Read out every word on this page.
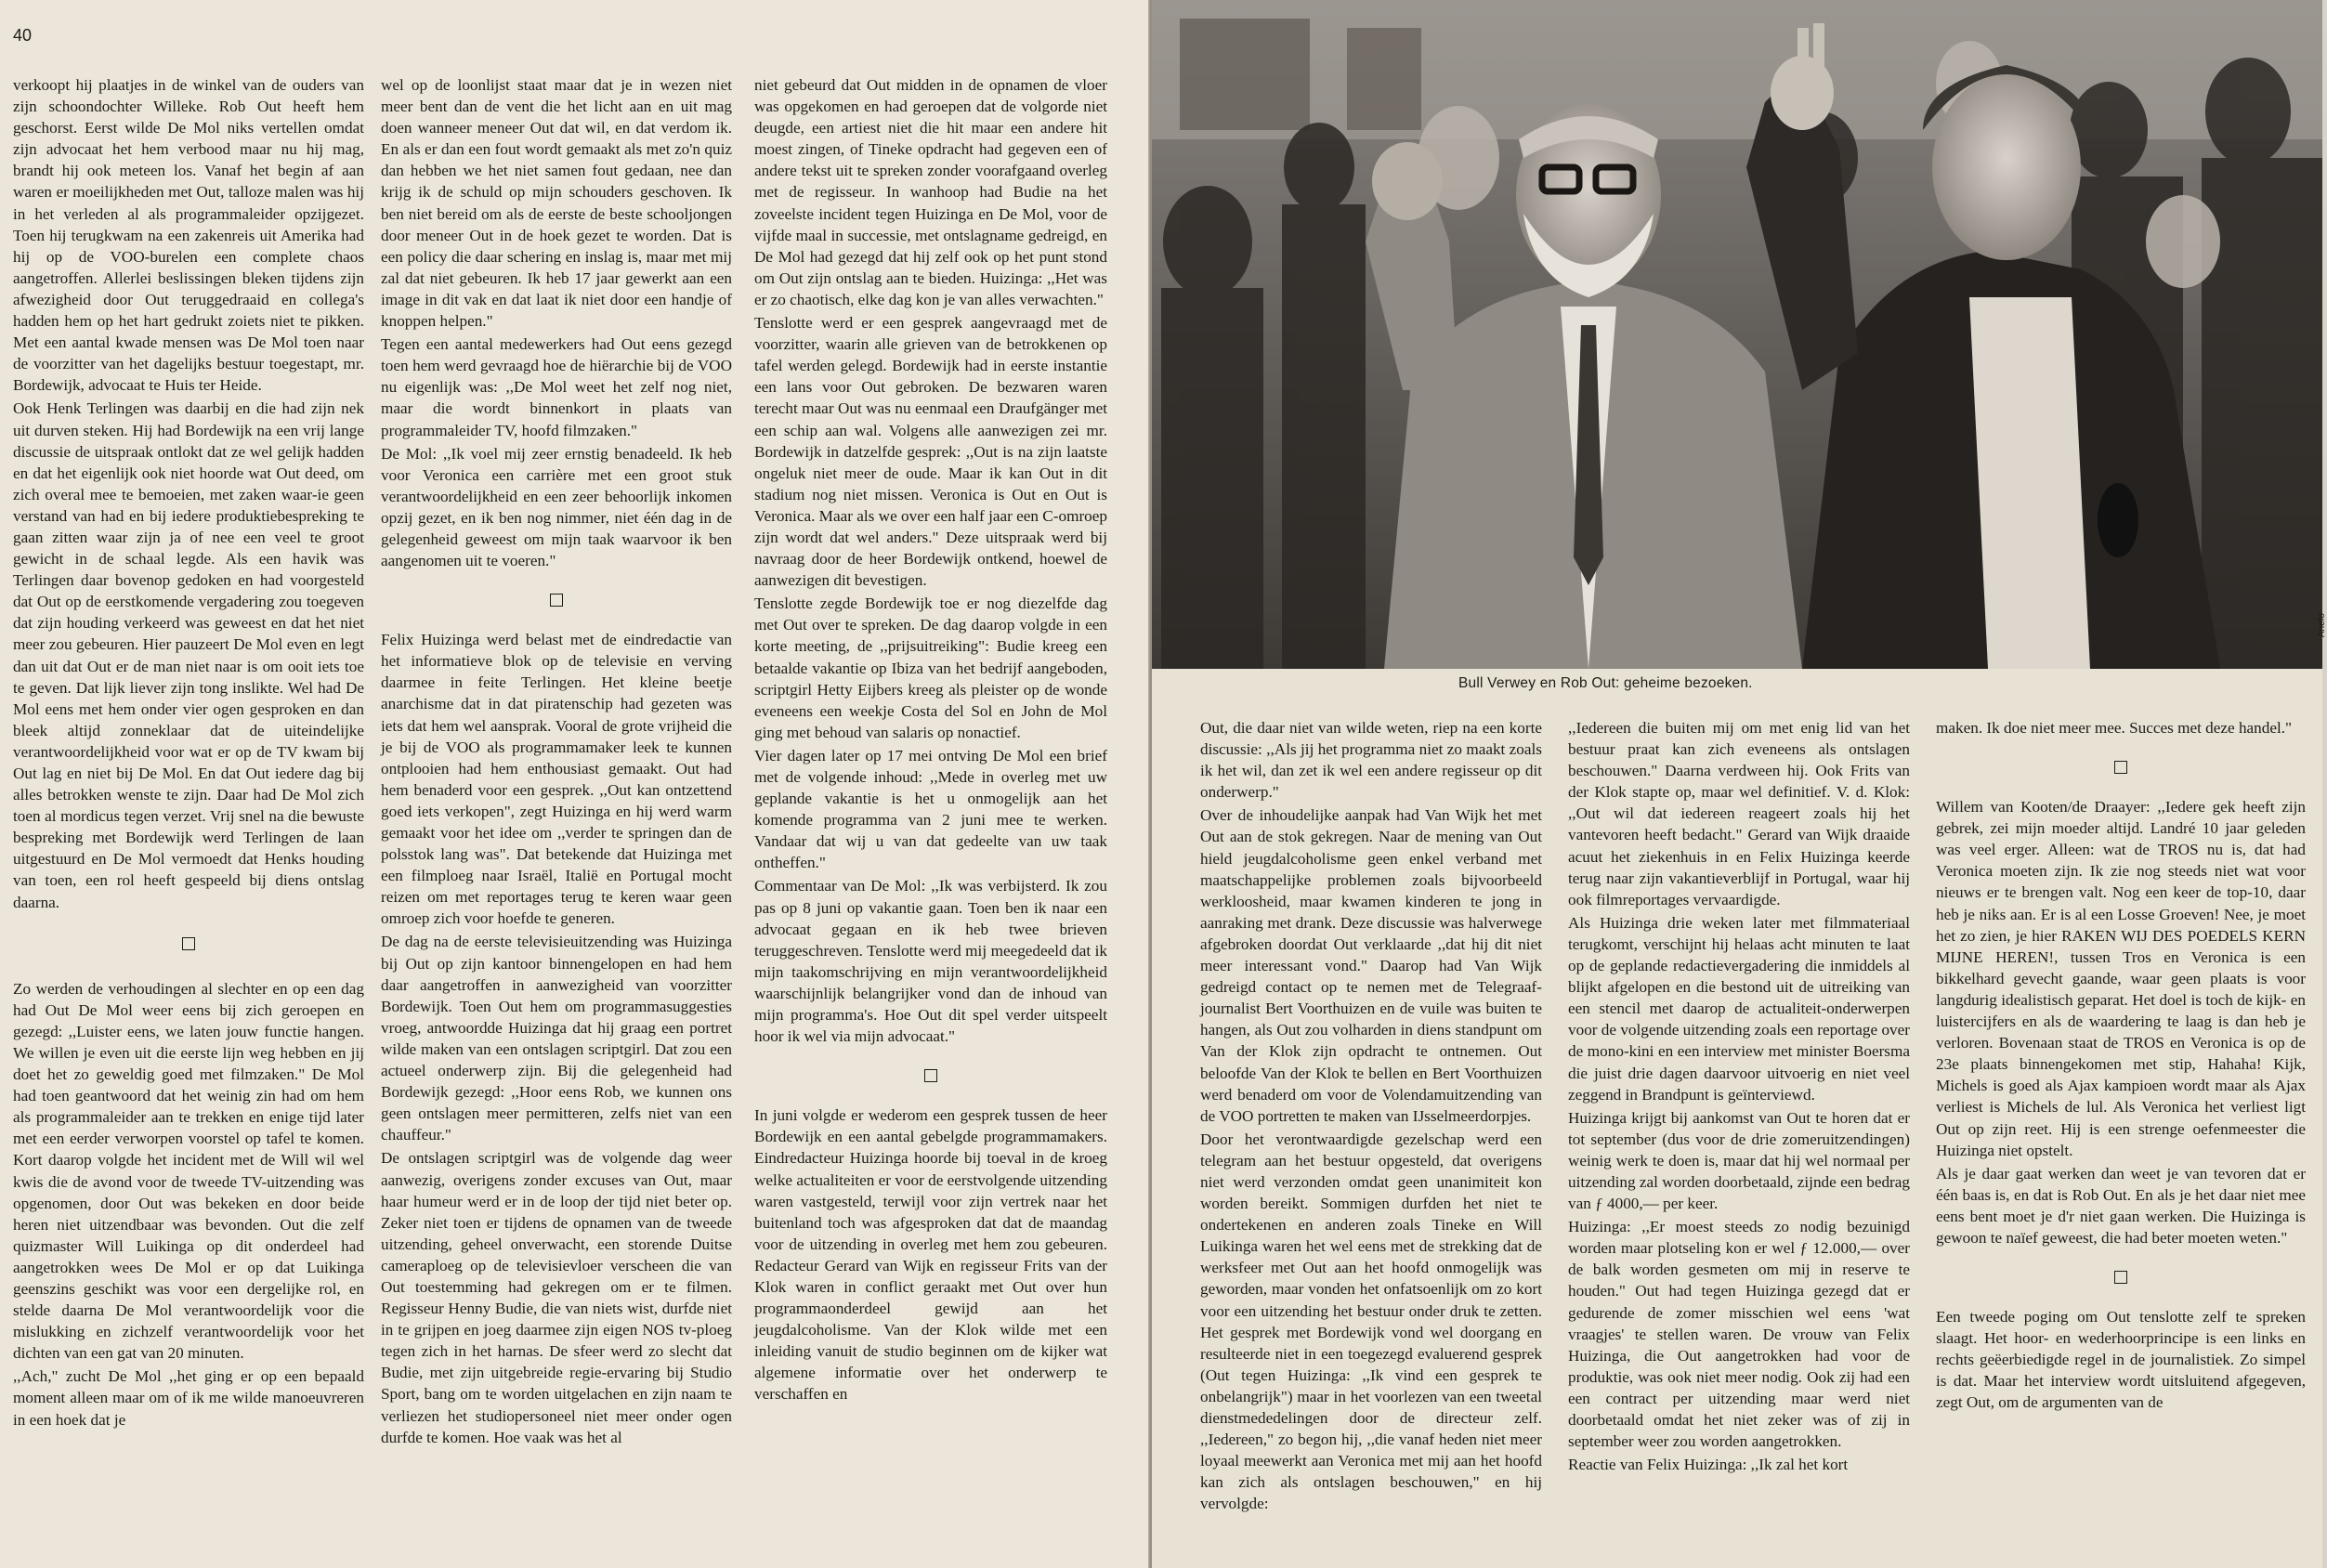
40

verkoopt hij plaatjes in de winkel van de ouders van zijn schoondochter Willeke. Rob Out heeft hem geschorst. Eerst wilde De Mol niks vertellen omdat zijn advocaat het hem verbood maar nu hij mag, brandt hij ook meteen los. Vanaf het begin af aan waren er moeilijkheden met Out, talloze malen was hij in het verleden al als programmaleider opzijgezet. Toen hij terugkwam na een zakenreis uit Amerika had hij op de VOO-burelen een complete chaos aangetroffen. Allerlei beslissingen bleken tijdens zijn afwezigheid door Out teruggedraaid en collega's hadden hem op het hart gedrukt zoiets niet te pikken. Met een aantal kwade mensen was De Mol toen naar de voorzitter van het dagelijks bestuur toegestapt, mr. Bordewijk, advocaat te Huis ter Heide.

Ook Henk Terlingen was daarbij en die had zijn nek uit durven steken. Hij had Bordewijk na een vrij lange discussie de uitspraak ontlokt dat ze wel gelijk hadden en dat het eigenlijk ook niet hoorde wat Out deed, om zich overal mee te bemoeien, met zaken waar-ie geen verstand van had en bij iedere produktiebespreking te gaan zitten waar zijn ja of nee een veel te groot gewicht in de schaal legde. Als een havik was Terlingen daar bovenop gedoken en had voorgesteld dat Out op de eerstkomende vergadering zou toegeven dat zijn houding verkeerd was geweest en dat het niet meer zou gebeuren. Hier pauzeert De Mol even en legt dan uit dat Out er de man niet naar is om ooit iets toe te geven. Dat lijk liever zijn tong inslikte. Wel had De Mol eens met hem onder vier ogen gesproken en dan bleek altijd zonneklaar dat de uiteindelijke verantwoordelijkheid voor wat er op de TV kwam bij Out lag en niet bij De Mol. En dat Out iedere dag bij alles betrokken wenste te zijn. Daar had De Mol zich toen al mordicus tegen verzet. Vrij snel na die bewuste bespreking met Bordewijk werd Terlingen de laan uitgestuurd en De Mol vermoedt dat Henks houding van toen, een rol heeft gespeeld bij diens ontslag daarna.

Zo werden de verhoudingen al slechter en op een dag had Out De Mol weer eens bij zich geroepen en gezegd: ,,Luister eens, we laten jouw functie hangen. We willen je even uit die eerste lijn weg hebben en jij doet het zo geweldig goed met filmzaken." De Mol had toen geantwoord dat het weinig zin had om hem als programmaleider aan te trekken en enige tijd later met een eerder verworpen voorstel op tafel te komen. Kort daarop volgde het incident met de Will wil wel kwis die de avond voor de tweede TV-uitzending was opgenomen, door Out was bekeken en door beide heren niet uitzendbaar was bevonden. Out die zelf quizmaster Will Luikinga op dit onderdeel had aangetrokken wees De Mol er op dat Luikinga geenszins geschikt was voor een dergelijke rol, en stelde daarna De Mol verantwoordelijk voor die mislukking en zichzelf verantwoordelijk voor het dichten van een gat van 20 minuten.

,,Ach," zucht De Mol ,,het ging er op een bepaald moment alleen maar om of ik me wilde manoeuvreren in een hoek dat je

wel op de loonlijst staat maar dat je in wezen niet meer bent dan de vent die het licht aan en uit mag doen wanneer meneer Out dat wil, en dat verdom ik. En als er dan een fout wordt gemaakt als met zo'n quiz dan hebben we het niet samen fout gedaan, nee dan krijg ik de schuld op mijn schouders geschoven. Ik ben niet bereid om als de eerste de beste schooljongen door meneer Out in de hoek gezet te worden. Dat is een policy die daar schering en inslag is, maar met mij zal dat niet gebeuren. Ik heb 17 jaar gewerkt aan een image in dit vak en dat laat ik niet door een handje of knoppen helpen."

Tegen een aantal medewerkers had Out eens gezegd toen hem werd gevraagd hoe de hiërarchie bij de VOO nu eigenlijk was: ,,De Mol weet het zelf nog niet, maar die wordt binnenkort in plaats van programmaleider TV, hoofd filmzaken."

De Mol: ,,Ik voel mij zeer ernstig benadeeld. Ik heb voor Veronica een carrière met een groot stuk verantwoordelijkheid en een zeer behoorlijk inkomen opzij gezet, en ik ben nog nimmer, niet één dag in de gelegenheid geweest om mijn taak waarvoor ik ben aangenomen uit te voeren."

Felix Huizinga werd belast met de eindredactie van het informatieve blok op de televisie en verving daarmee in feite Terlingen. Het kleine beetje anarchisme dat in dat piratenschip had gezeten was iets dat hem wel aansprak. Vooral de grote vrijheid die je bij de VOO als programmamaker leek te kunnen ontplooien had hem enthousiast gemaakt. Out had hem benaderd voor een gesprek. ,,Out kan ontzettend goed iets verkopen", zegt Huizinga en hij werd warm gemaakt voor het idee om ,,verder te springen dan de polsstok lang was". Dat betekende dat Huizinga met een filmploeg naar Israël, Italië en Portugal mocht reizen om met reportages terug te keren waar geen omroep zich voor hoefde te generen.

De dag na de eerste televisieuitzending was Huizinga bij Out op zijn kantoor binnengelopen en had hem daar aangetroffen in aanwezigheid van voorzitter Bordewijk. Toen Out hem om programmasuggesties vroeg, antwoordde Huizinga dat hij graag een portret wilde maken van een ontslagen scriptgirl. Dat zou een actueel onderwerp zijn. Bij die gelegenheid had Bordewijk gezegd: ,,Hoor eens Rob, we kunnen ons geen ontslagen meer permitteren, zelfs niet van een chauffeur."

De ontslagen scriptgirl was de volgende dag weer aanwezig, overigens zonder excuses van Out, maar haar humeur werd er in de loop der tijd niet beter op. Zeker niet toen er tijdens de opnamen van de tweede uitzending, geheel onverwacht, een storende Duitse cameraploeg op de televisievloer verscheen die van Out toestemming had gekregen om er te filmen. Regisseur Henny Budie, die van niets wist, durfde niet in te grijpen en joeg daarmee zijn eigen NOS tv-ploeg tegen zich in het harnas. De sfeer werd zo slecht dat Budie, met zijn uitgebreide regie-ervaring bij Studio Sport, bang om te worden uitgelachen en zijn naam te verliezen het studiopersoneel niet meer onder ogen durfde te komen. Hoe vaak was het al

niet gebeurd dat Out midden in de opnamen de vloer was opgekomen en had geroepen dat de volgorde niet deugde, een artiest niet die hit maar een andere hit moest zingen, of Tineke opdracht had gegeven een of andere tekst uit te spreken zonder voorafgaand overleg met de regisseur. In wanhoop had Budie na het zoveelste incident tegen Huizinga en De Mol, voor de vijfde maal in successie, met ontslagname gedreigd, en De Mol had gezegd dat hij zelf ook op het punt stond om Out zijn ontslag aan te bieden. Huizinga: ,,Het was er zo chaotisch, elke dag kon je van alles verwachten."

Tenslotte werd er een gesprek aangevraagd met de voorzitter, waarin alle grieven van de betrokkenen op tafel werden gelegd. Bordewijk had in eerste instantie een lans voor Out gebroken. De bezwaren waren terecht maar Out was nu eenmaal een Draufgänger met een schip aan wal. Volgens alle aanwezigen zei mr. Bordewijk in datzelfde gesprek: ,,Out is na zijn laatste ongeluk niet meer de oude. Maar ik kan Out in dit stadium nog niet missen. Veronica is Out en Out is Veronica. Maar als we over een half jaar een C-omroep zijn wordt dat wel anders." Deze uitspraak werd bij navraag door de heer Bordewijk ontkend, hoewel de aanwezigen dit bevestigen.

Tenslotte zegde Bordewijk toe er nog diezelfde dag met Out over te spreken. De dag daarop volgde in een korte meeting, de ,,prijsuitreiking": Budie kreeg een betaalde vakantie op Ibiza van het bedrijf aangeboden, scriptgirl Hetty Eijbers kreeg als pleister op de wonde eveneens een weekje Costa del Sol en John de Mol ging met behoud van salaris op nonactief.

Vier dagen later op 17 mei ontving De Mol een brief met de volgende inhoud: ,,Mede in overleg met uw geplande vakantie is het u onmogelijk aan het komende programma van 2 juni mee te werken. Vandaar dat wij u van dat gedeelte van uw taak ontheffen."

Commentaar van De Mol: ,,Ik was verbijsterd. Ik zou pas op 8 juni op vakantie gaan. Toen ben ik naar een advocaat gegaan en ik heb twee brieven teruggeschreven. Tenslotte werd mij meegedeeld dat ik mijn taakomschrijving en mijn verantwoordelijkheid waarschijnlijk belangrijker vond dan de inhoud van mijn programma's. Hoe Out dit spel verder uitspeelt hoor ik wel via mijn advocaat."

In juni volgde er wederom een gesprek tussen de heer Bordewijk en een aantal gebelgde programmamakers. Eindredacteur Huizinga hoorde bij toeval in de kroeg welke actualiteiten er voor de eerstvolgende uitzending waren vastgesteld, terwijl voor zijn vertrek naar het buitenland toch was afgesproken dat dat de maandag voor de uitzending in overleg met hem zou gebeuren. Redacteur Gerard van Wijk en regisseur Frits van der Klok waren in conflict geraakt met Out over hun programmaonderdeel gewijd aan het jeugdalcoholisme. Van der Klok wilde met een inleiding vanuit de studio beginnen om de kijker wat algemene informatie over het onderwerp te verschaffen en

Anefo
Bull Verwey en Rob Out: geheime bezoeken.

Out, die daar niet van wilde weten, riep na een korte discussie: ,,Als jij het programma niet zo maakt zoals ik het wil, dan zet ik wel een andere regisseur op dit onderwerp."

Over de inhoudelijke aanpak had Van Wijk het met Out aan de stok gekregen. Naar de mening van Out hield jeugdalcoholisme geen enkel verband met maatschappelijke problemen zoals bijvoorbeeld werkloosheid, maar kwamen kinderen te jong in aanraking met drank. Deze discussie was halverwege afgebroken doordat Out verklaarde ,,dat hij dit niet meer interessant vond." Daarop had Van Wijk gedreigd contact op te nemen met de Telegraaf-journalist Bert Voorthuizen en de vuile was buiten te hangen, als Out zou volharden in diens standpunt om Van der Klok zijn opdracht te ontnemen. Out beloofde Van der Klok te bellen en Bert Voorthuizen werd benaderd om voor de Volendamuitzending van de VOO portretten te maken van IJsselmeerdorpjes.

Door het verontwaardigde gezelschap werd een telegram aan het bestuur opgesteld, dat overigens niet werd verzonden omdat geen unanimiteit kon worden bereikt. Sommigen durfden het niet te ondertekenen en anderen zoals Tineke en Will Luikinga waren het wel eens met de strekking dat de werksfeer met Out aan het hoofd onmogelijk was geworden, maar vonden het onfatsoenlijk om zo kort voor een uitzending het bestuur onder druk te zetten. Het gesprek met Bordewijk vond wel doorgang en resulteerde niet in een toegezegd evaluerend gesprek (Out tegen Huizinga: ,,Ik vind een gesprek te onbelangrijk") maar in het voorlezen van een tweetal dienstmededelingen door de directeur zelf. ,,Iedereen," zo begon hij, ,,die vanaf heden niet meer loyaal meewerkt aan Veronica met mij aan het hoofd kan zich als ontslagen beschouwen," en hij vervolgde:

,,Iedereen die buiten mij om met enig lid van het bestuur praat kan zich eveneens als ontslagen beschouwen." Daarna verdween hij. Ook Frits van der Klok stapte op, maar wel definitief. V. d. Klok: ,,Out wil dat iedereen reageert zoals hij het vantevoren heeft bedacht." Gerard van Wijk draaide acuut het ziekenhuis in en Felix Huizinga keerde terug naar zijn vakantieverblijf in Portugal, waar hij ook filmreportages vervaardigde.

Als Huizinga drie weken later met filmmateriaal terugkomt, verschijnt hij helaas acht minuten te laat op de geplande redactievergadering die inmiddels al blijkt afgelopen en die bestond uit de uitreiking van een stencil met daarop de actualiteit-onderwerpen voor de volgende uitzending zoals een reportage over de mono-kini en een interview met minister Boersma die juist drie dagen daarvoor uitvoerig en niet veel zeggend in Brandpunt is geïnterviewd.

Huizinga krijgt bij aankomst van Out te horen dat er tot september (dus voor de drie zomeruitzendingen) weinig werk te doen is, maar dat hij wel normaal per uitzending zal worden doorbetaald, zijnde een bedrag van ƒ 4000,— per keer.

Huizinga: ,,Er moest steeds zo nodig bezuinigd worden maar plotseling kon er wel ƒ 12.000,— over de balk worden gesmeten om mij in reserve te houden." Out had tegen Huizinga gezegd dat er gedurende de zomer misschien wel eens 'wat vraagjes' te stellen waren. De vrouw van Felix Huizinga, die Out aangetrokken had voor de produktie, was ook niet meer nodig. Ook zij had een een contract per uitzending maar werd niet doorbetaald omdat het niet zeker was of zij in september weer zou worden aangetrokken.

Reactie van Felix Huizinga: ,,Ik zal het kort

maken. Ik doe niet meer mee. Succes met deze handel."

Willem van Kooten/de Draayer: ,,Iedere gek heeft zijn gebrek, zei mijn moeder altijd. Landré 10 jaar geleden was veel erger. Alleen: wat de TROS nu is, dat had Veronica moeten zijn. Ik zie nog steeds niet wat voor nieuws er te brengen valt. Nog een keer de top-10, daar heb je niks aan. Er is al een Losse Groeven! Nee, je moet het zo zien, je hier RAKEN WIJ DES POEDELS KERN MIJNE HEREN!, tussen Tros en Veronica is een bikkelhard gevecht gaande, waar geen plaats is voor langdurig idealistisch geparat. Het doel is toch de kijk- en luistercijfers en als de waardering te laag is dan heb je verloren. Bovenaan staat de TROS en Veronica is op de 23e plaats binnengekomen met stip, Hahaha! Kijk, Michels is goed als Ajax kampioen wordt maar als Ajax verliest is Michels de lul. Als Veronica het verliest ligt Out op zijn reet. Hij is een strenge oefenmeester die Huizinga niet opstelt.

Als je daar gaat werken dan weet je van tevoren dat er één baas is, en dat is Rob Out. En als je het daar niet mee eens bent moet je d'r niet gaan werken. Die Huizinga is gewoon te naïef geweest, die had beter moeten weten."

Een tweede poging om Out tenslotte zelf te spreken slaagt. Het hoor- en wederhoorprincipe is een links en rechts geëerbiedigde regel in de journalistiek. Zo simpel is dat. Maar het interview wordt uitsluitend afgegeven, zegt Out, om de argumenten van de
